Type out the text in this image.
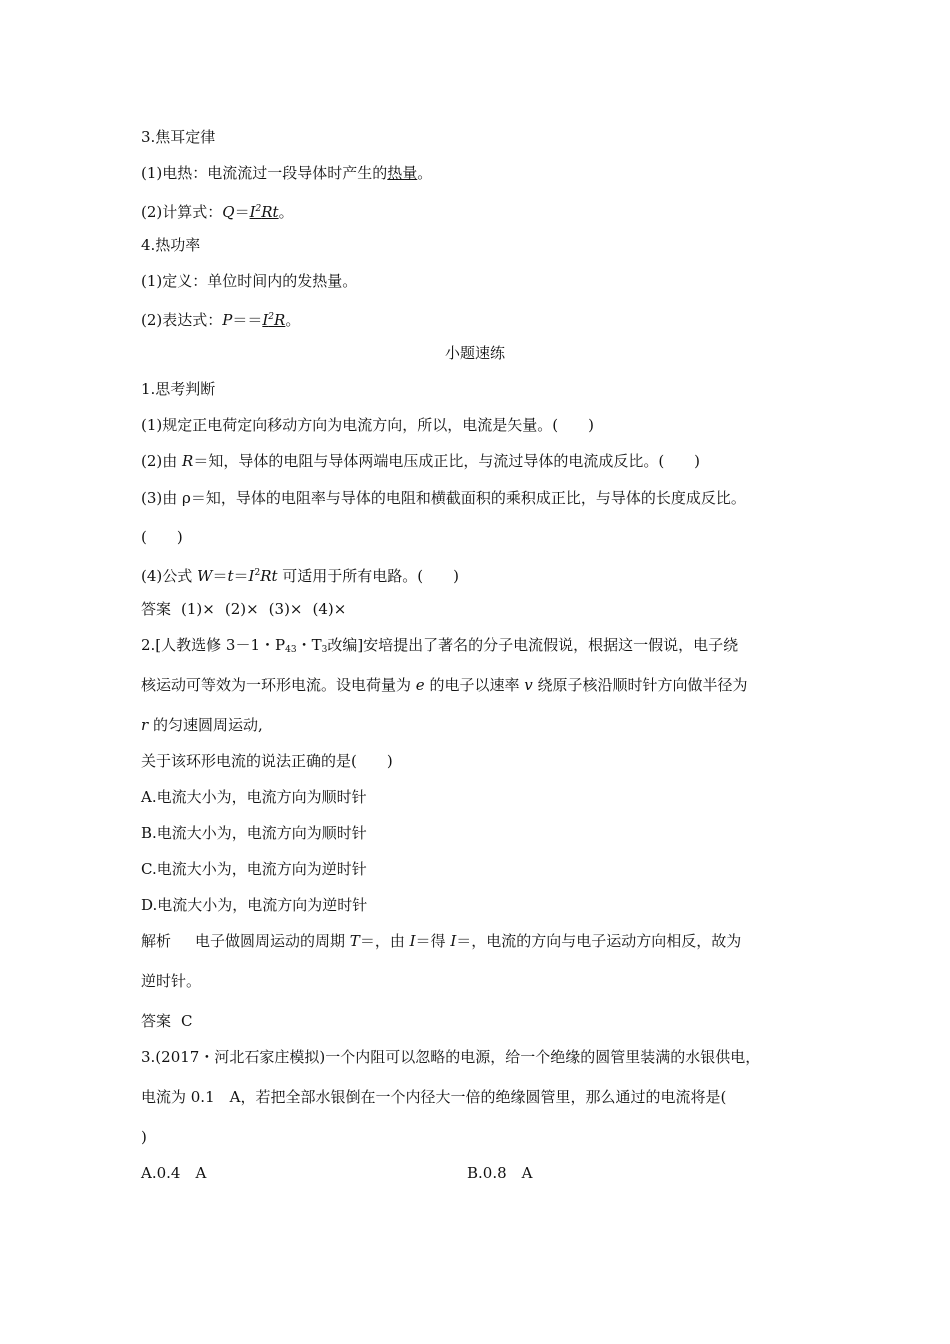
3.焦耳定律
(1)电热：电流流过一段导体时产生的热量。
(2)计算式：$Q=I^2Rt$。
4.热功率
(1)定义：单位时间内的发热量。
(2)表达式：$P==I^2R$。
小题速练
1.思考判断
(1)规定正电荷定向移动方向为电流方向，所以，电流是矢量。(　　)
(2)由 R＝知，导体的电阻与导体两端电压成正比，与流过导体的电流成反比。(　　)
(3)由 ρ＝知，导体的电阻率与导体的电阻和横截面积的乘积成正比，与导体的长度成反比。
(　　)
(4)公式 $W=t=I^2Rt$ 可适用于所有电路。(　　)
答案 (1)× (2)× (3)× (4)×
2.[人教选修 3－1・$P_{43}$・$T_3$改编]安培提出了著名的分子电流假说，根据这一假说，电子绕
核运动可等效为一环形电流。设电荷量为 e 的电子以速率 v 绕原子核沿顺时针方向做半径为
r 的匀速圆周运动,
关于该环形电流的说法正确的是(　　)
A.电流大小为，电流方向为顺时针
B.电流大小为，电流方向为顺时针
C.电流大小为，电流方向为逆时针
D.电流大小为，电流方向为逆时针
解析 电子做圆周运动的周期 T＝，由 I＝得 I＝，电流的方向与电子运动方向相反，故为
逆时针。
答案 C
3.(2017・河北石家庄模拟)一个内阻可以忽略的电源，给一个绝缘的圆管里装满的水银供电，
电流为 0.1　A，若把全部水银倒在一个内径大一倍的绝缘圆管里，那么通过的电流将是(
)
A.0.4　A	B.0.8　A
